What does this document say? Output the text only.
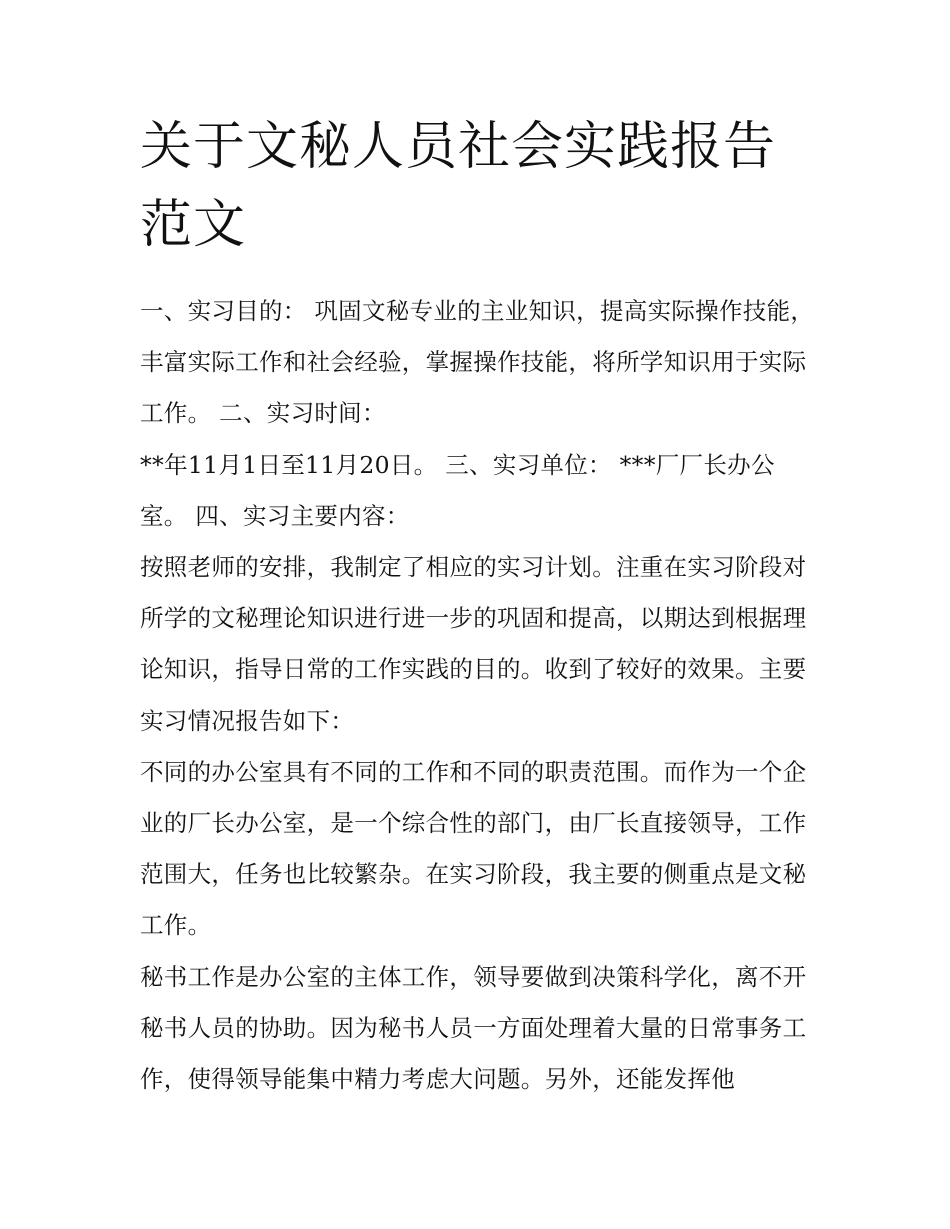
关于文秘人员社会实践报告范文

一、实习目的： 巩固文秘专业的主业知识，提高实际操作技能，丰富实际工作和社会经验，掌握操作技能，将所学知识用于实际工作。 二、实习时间：

**年11月1日至11月20日。 三、实习单位： ***厂厂长办公室。 四、实习主要内容：

按照老师的安排，我制定了相应的实习计划。注重在实习阶段对所学的文秘理论知识进行进一步的巩固和提高，以期达到根据理论知识，指导日常的工作实践的目的。收到了较好的效果。主要实习情况报告如下：

不同的办公室具有不同的工作和不同的职责范围。而作为一个企业的厂长办公室，是一个综合性的部门，由厂长直接领导，工作范围大，任务也比较繁杂。在实习阶段，我主要的侧重点是文秘工作。

秘书工作是办公室的主体工作，领导要做到决策科学化，离不开秘书人员的协助。因为秘书人员一方面处理着大量的日常事务工作，使得领导能集中精力考虑大问题。另外，还能发挥他
